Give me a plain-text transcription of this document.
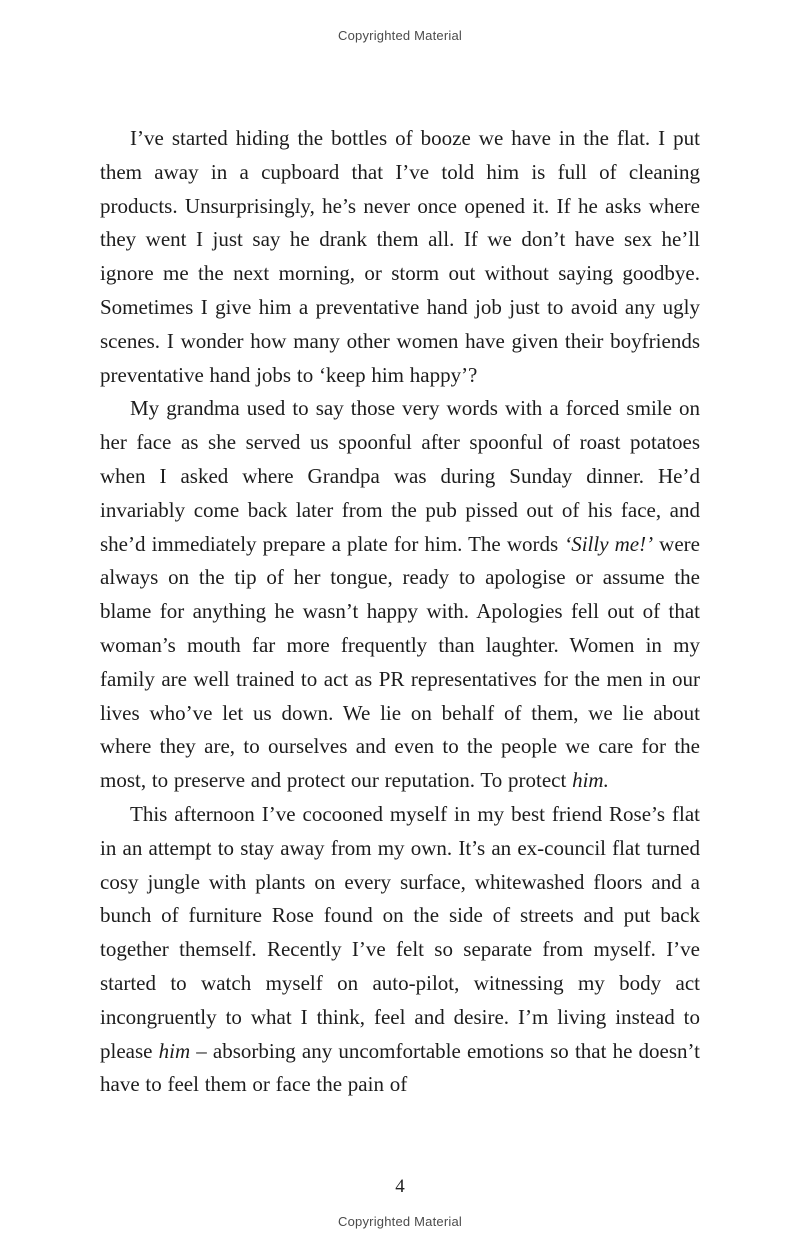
Copyrighted Material

I’ve started hiding the bottles of booze we have in the flat. I put them away in a cupboard that I’ve told him is full of cleaning products. Unsurprisingly, he’s never once opened it. If he asks where they went I just say he drank them all. If we don’t have sex he’ll ignore me the next morning, or storm out without saying goodbye. Sometimes I give him a preventative hand job just to avoid any ugly scenes. I wonder how many other women have given their boyfriends preventative hand jobs to ‘keep him happy’?

My grandma used to say those very words with a forced smile on her face as she served us spoonful after spoonful of roast potatoes when I asked where Grandpa was during Sunday dinner. He’d invariably come back later from the pub pissed out of his face, and she’d immediately prepare a plate for him. The words ‘Silly me!’ were always on the tip of her tongue, ready to apologise or assume the blame for anything he wasn’t happy with. Apologies fell out of that woman’s mouth far more frequently than laughter. Women in my family are well trained to act as PR representatives for the men in our lives who’ve let us down. We lie on behalf of them, we lie about where they are, to ourselves and even to the people we care for the most, to preserve and protect our reputation. To protect him.

This afternoon I’ve cocooned myself in my best friend Rose’s flat in an attempt to stay away from my own. It’s an ex-council flat turned cosy jungle with plants on every surface, whitewashed floors and a bunch of furniture Rose found on the side of streets and put back together themself. Recently I’ve felt so separate from myself. I’ve started to watch myself on auto-pilot, witnessing my body act incongruently to what I think, feel and desire. I’m living instead to please him – absorbing any uncomfortable emotions so that he doesn’t have to feel them or face the pain of

4
Copyrighted Material
